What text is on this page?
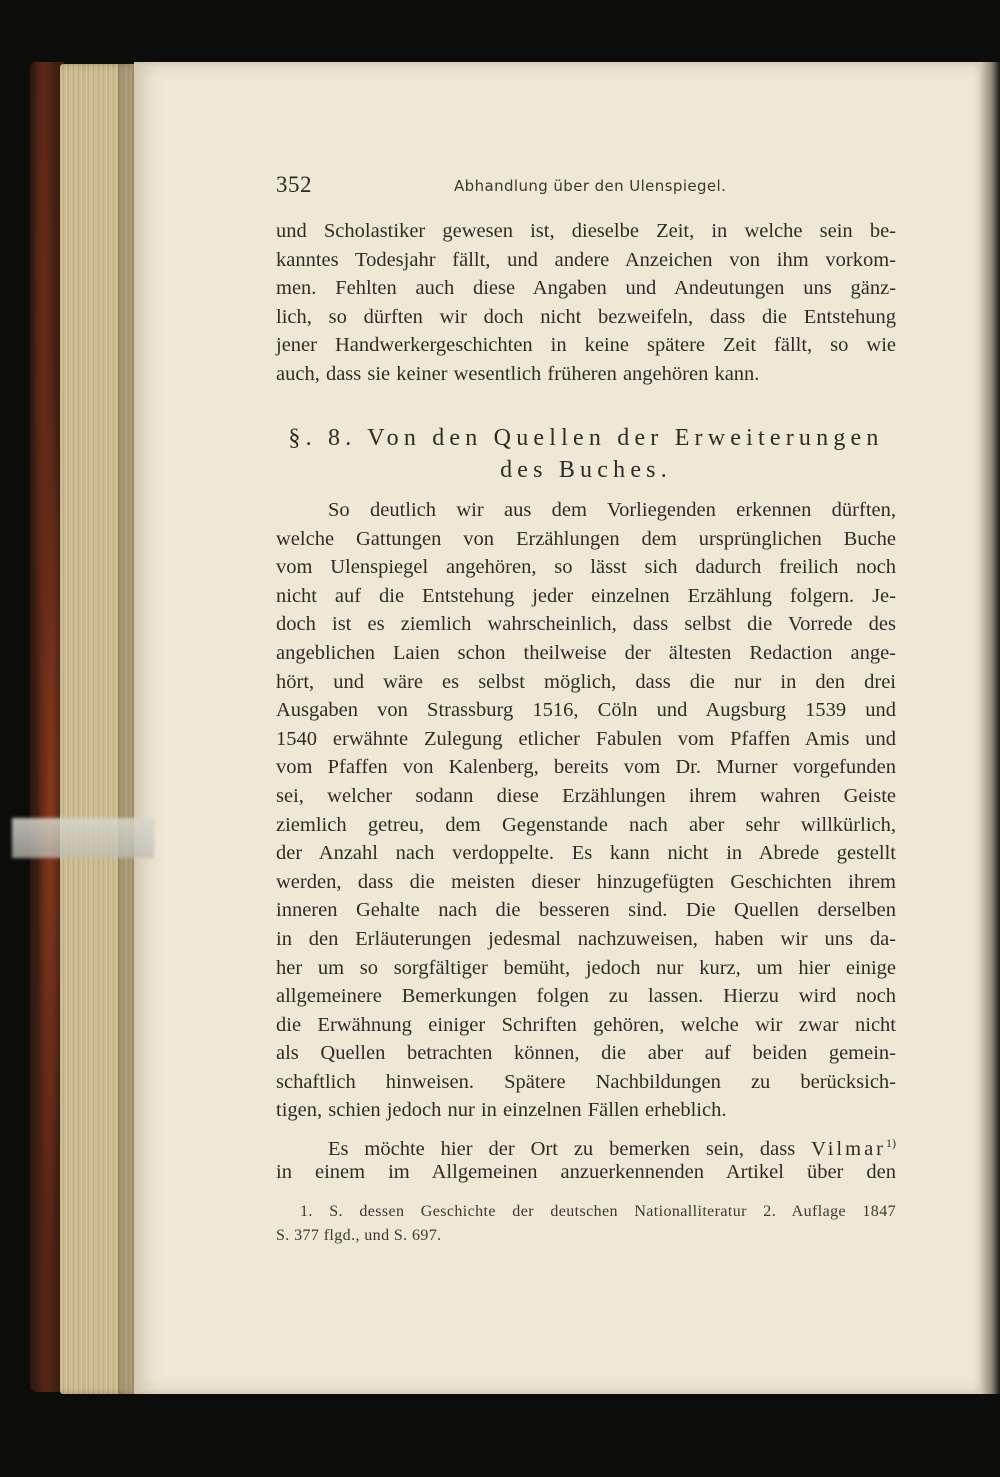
352	Abhandlung über den Ulenspiegel.
und Scholastiker gewesen ist, dieselbe Zeit, in welche sein be-
kanntes Todesjahr fällt, und andere Anzeichen von ihm vorkom-
men. Fehlten auch diese Angaben und Andeutungen uns gänz-
lich, so dürften wir doch nicht bezweifeln, dass die Entstehung
jener Handwerkergeschichten in keine spätere Zeit fällt, so wie
auch, dass sie keiner wesentlich früheren angehören kann.
§. 8. Von den Quellen der Erweiterungen
des Buches.
So deutlich wir aus dem Vorliegenden erkennen dürften,
welche Gattungen von Erzählungen dem ursprünglichen Buche
vom Ulenspiegel angehören, so lässt sich dadurch freilich noch
nicht auf die Entstehung jeder einzelnen Erzählung folgern. Je-
doch ist es ziemlich wahrscheinlich, dass selbst die Vorrede des
angeblichen Laien schon theilweise der ältesten Redaction ange-
hört, und wäre es selbst möglich, dass die nur in den drei
Ausgaben von Strassburg 1516, Cöln und Augsburg 1539 und
1540 erwähnte Zulegung etlicher Fabulen vom Pfaffen Amis und
vom Pfaffen von Kalenberg, bereits vom Dr. Murner vorgefunden
sei, welcher sodann diese Erzählungen ihrem wahren Geiste
ziemlich getreu, dem Gegenstande nach aber sehr willkürlich,
der Anzahl nach verdoppelte. Es kann nicht in Abrede gestellt
werden, dass die meisten dieser hinzugefügten Geschichten ihrem
inneren Gehalte nach die besseren sind. Die Quellen derselben
in den Erläuterungen jedesmal nachzuweisen, haben wir uns da-
her um so sorgfältiger bemüht, jedoch nur kurz, um hier einige
allgemeinere Bemerkungen folgen zu lassen. Hierzu wird noch
die Erwähnung einiger Schriften gehören, welche wir zwar nicht
als Quellen betrachten können, die aber auf beiden gemein-
schaftlich hinweisen. Spätere Nachbildungen zu berücksich-
tigen, schien jedoch nur in einzelnen Fällen erheblich.
Es möchte hier der Ort zu bemerken sein, dass Vilmar$^{1)}$
in einem im Allgemeinen anzuerkennenden Artikel über den
1. S. dessen Geschichte der deutschen Nationalliteratur 2. Auflage 1847
S. 377 flgd., und S. 697.
